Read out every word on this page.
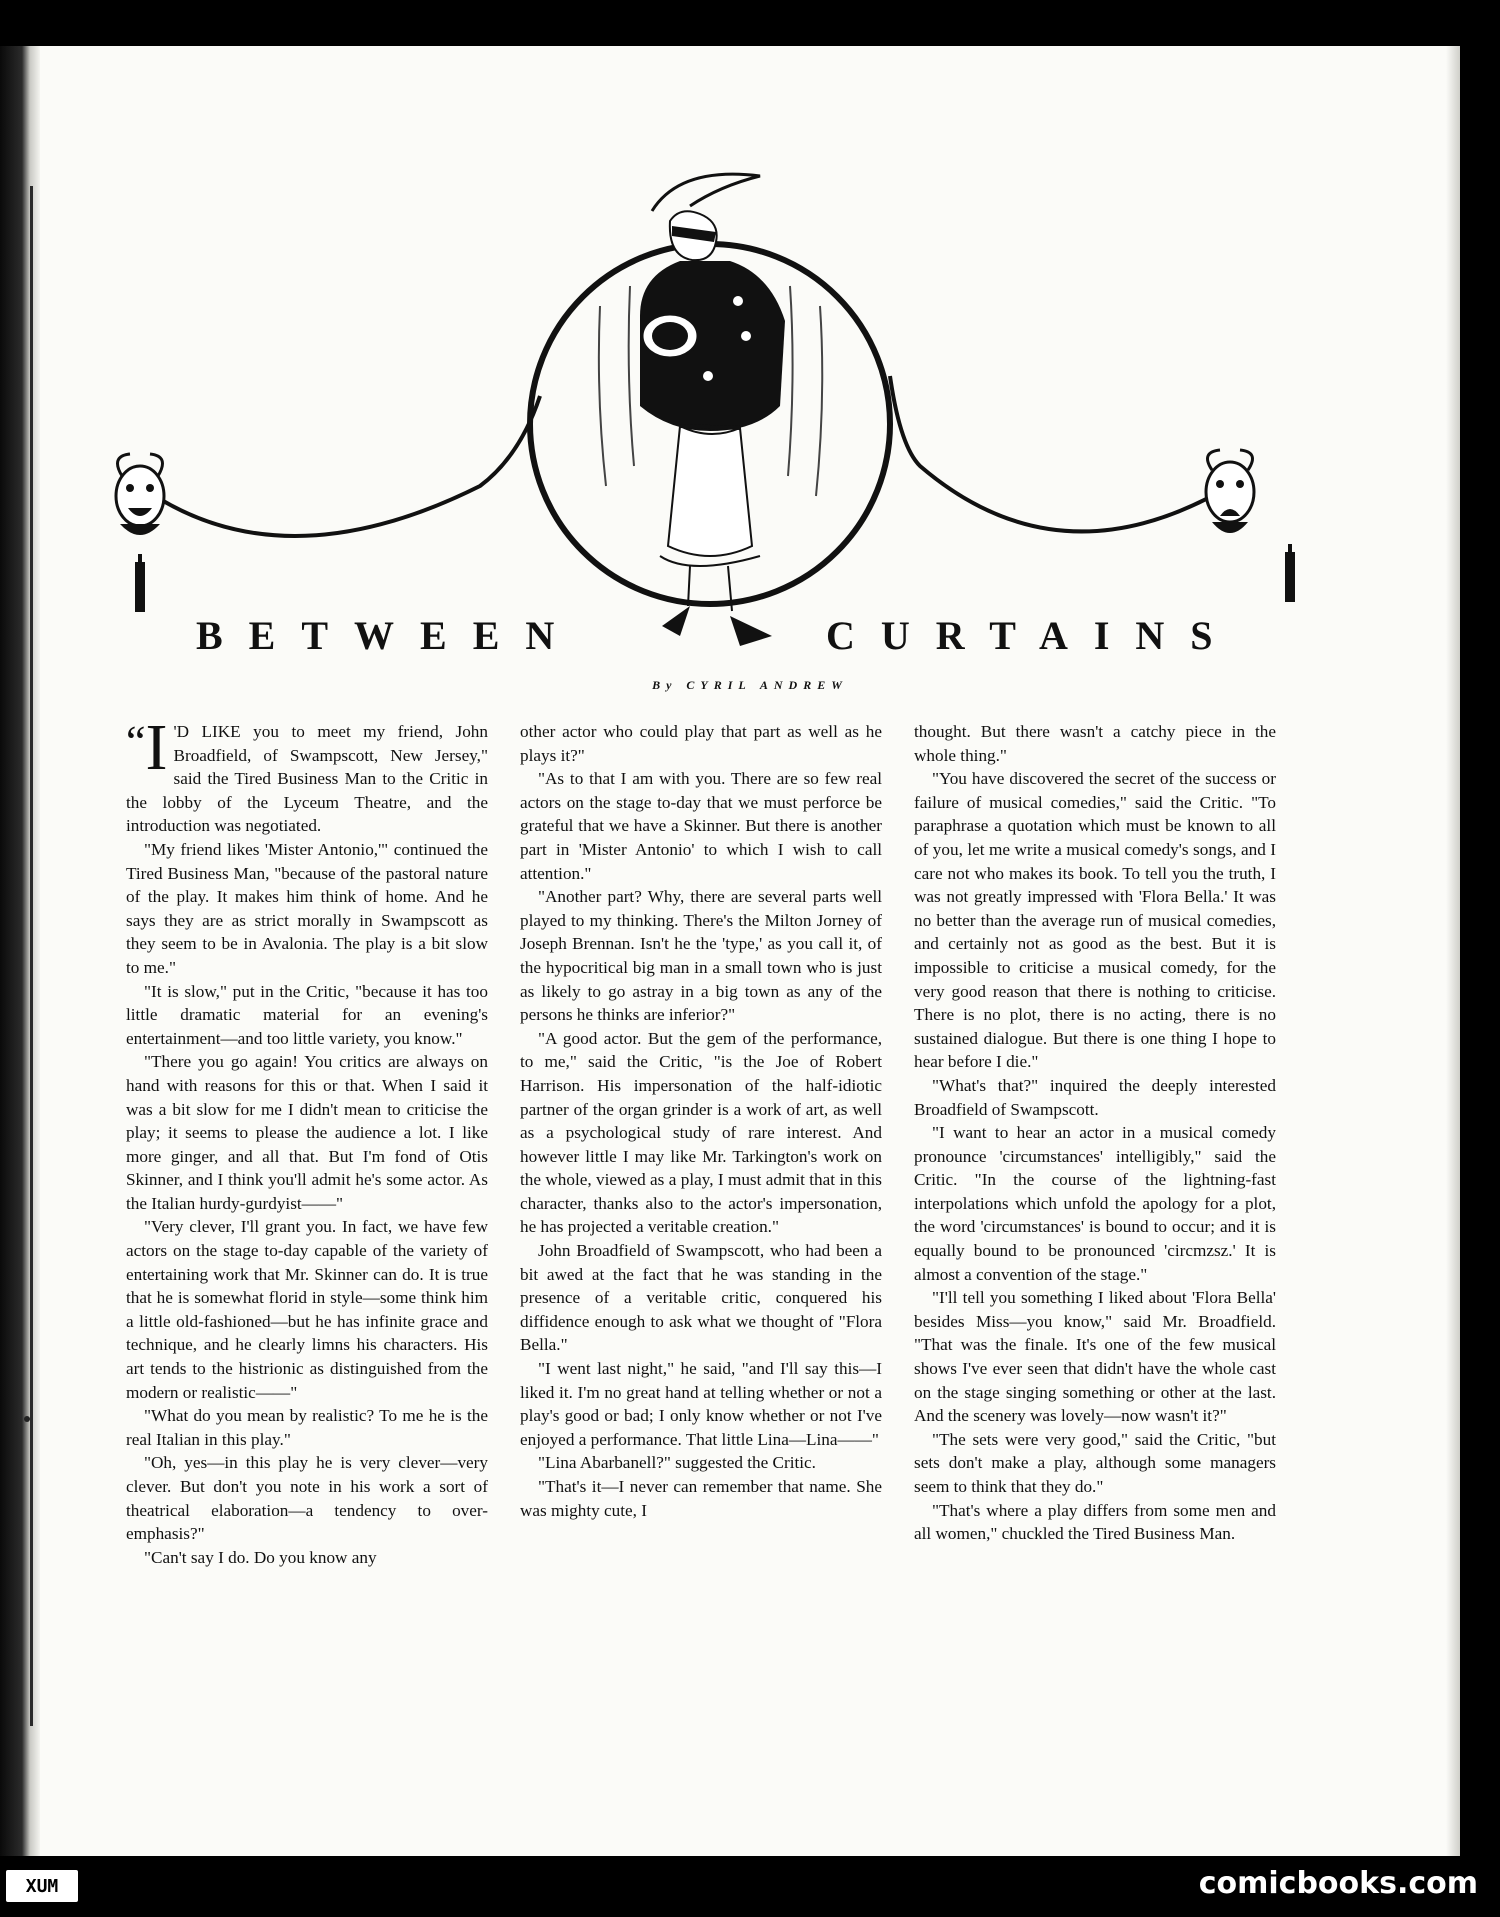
BETWEEN	CURTAINS
By CYRIL ANDREW

“I 'D LIKE you to meet my friend, John Broadfield, of Swampscott, New Jersey," said the Tired Business Man to the Critic in the lobby of the Lyceum Theatre, and the introduction was negotiated.

"My friend likes 'Mister Antonio,'" continued the Tired Business Man, "because of the pastoral nature of the play. It makes him think of home. And he says they are as strict morally in Swampscott as they seem to be in Avalonia. The play is a bit slow to me."

"It is slow," put in the Critic, "because it has too little dramatic material for an evening's entertainment—and too little variety, you know."

"There you go again! You critics are always on hand with reasons for this or that. When I said it was a bit slow for me I didn't mean to criticise the play; it seems to please the audience a lot. I like more ginger, and all that. But I'm fond of Otis Skinner, and I think you'll admit he's some actor. As the Italian hurdy-gurdyist——"

"Very clever, I'll grant you. In fact, we have few actors on the stage to-day capable of the variety of entertaining work that Mr. Skinner can do. It is true that he is somewhat florid in style—some think him a little old-fashioned—but he has infinite grace and technique, and he clearly limns his characters. His art tends to the histrionic as distinguished from the modern or realistic——"

"What do you mean by realistic? To me he is the real Italian in this play."

"Oh, yes—in this play he is very clever—very clever. But don't you note in his work a sort of theatrical elaboration—a tendency to over-emphasis?"

"Can't say I do. Do you know any

other actor who could play that part as well as he plays it?"

"As to that I am with you. There are so few real actors on the stage to-day that we must perforce be grateful that we have a Skinner. But there is another part in 'Mister Antonio' to which I wish to call attention."

"Another part? Why, there are several parts well played to my thinking. There's the Milton Jorney of Joseph Brennan. Isn't he the 'type,' as you call it, of the hypocritical big man in a small town who is just as likely to go astray in a big town as any of the persons he thinks are inferior?"

"A good actor. But the gem of the performance, to me," said the Critic, "is the Joe of Robert Harrison. His impersonation of the half-idiotic partner of the organ grinder is a work of art, as well as a psychological study of rare interest. And however little I may like Mr. Tarkington's work on the whole, viewed as a play, I must admit that in this character, thanks also to the actor's impersonation, he has projected a veritable creation."

John Broadfield of Swampscott, who had been a bit awed at the fact that he was standing in the presence of a veritable critic, conquered his diffidence enough to ask what we thought of "Flora Bella."

"I went last night," he said, "and I'll say this—I liked it. I'm no great hand at telling whether or not a play's good or bad; I only know whether or not I've enjoyed a performance. That little Lina—Lina——"

"Lina Abarbanell?" suggested the Critic.

"That's it—I never can remember that name. She was mighty cute, I

thought. But there wasn't a catchy piece in the whole thing."

"You have discovered the secret of the success or failure of musical comedies," said the Critic. "To paraphrase a quotation which must be known to all of you, let me write a musical comedy's songs, and I care not who makes its book. To tell you the truth, I was not greatly impressed with 'Flora Bella.' It was no better than the average run of musical comedies, and certainly not as good as the best. But it is impossible to criticise a musical comedy, for the very good reason that there is nothing to criticise. There is no plot, there is no acting, there is no sustained dialogue. But there is one thing I hope to hear before I die."

"What's that?" inquired the deeply interested Broadfield of Swampscott.

"I want to hear an actor in a musical comedy pronounce 'circumstances' intelligibly," said the Critic. "In the course of the lightning-fast interpolations which unfold the apology for a plot, the word 'circumstances' is bound to occur; and it is equally bound to be pronounced 'circmzsz.' It is almost a convention of the stage."

"I'll tell you something I liked about 'Flora Bella' besides Miss—you know," said Mr. Broadfield. "That was the finale. It's one of the few musical shows I've ever seen that didn't have the whole cast on the stage singing something or other at the last. And the scenery was lovely—now wasn't it?"

"The sets were very good," said the Critic, "but sets don't make a play, although some managers seem to think that they do."

"That's where a play differs from some men and all women," chuckled the Tired Business Man.

XUM	comicbooks.com
